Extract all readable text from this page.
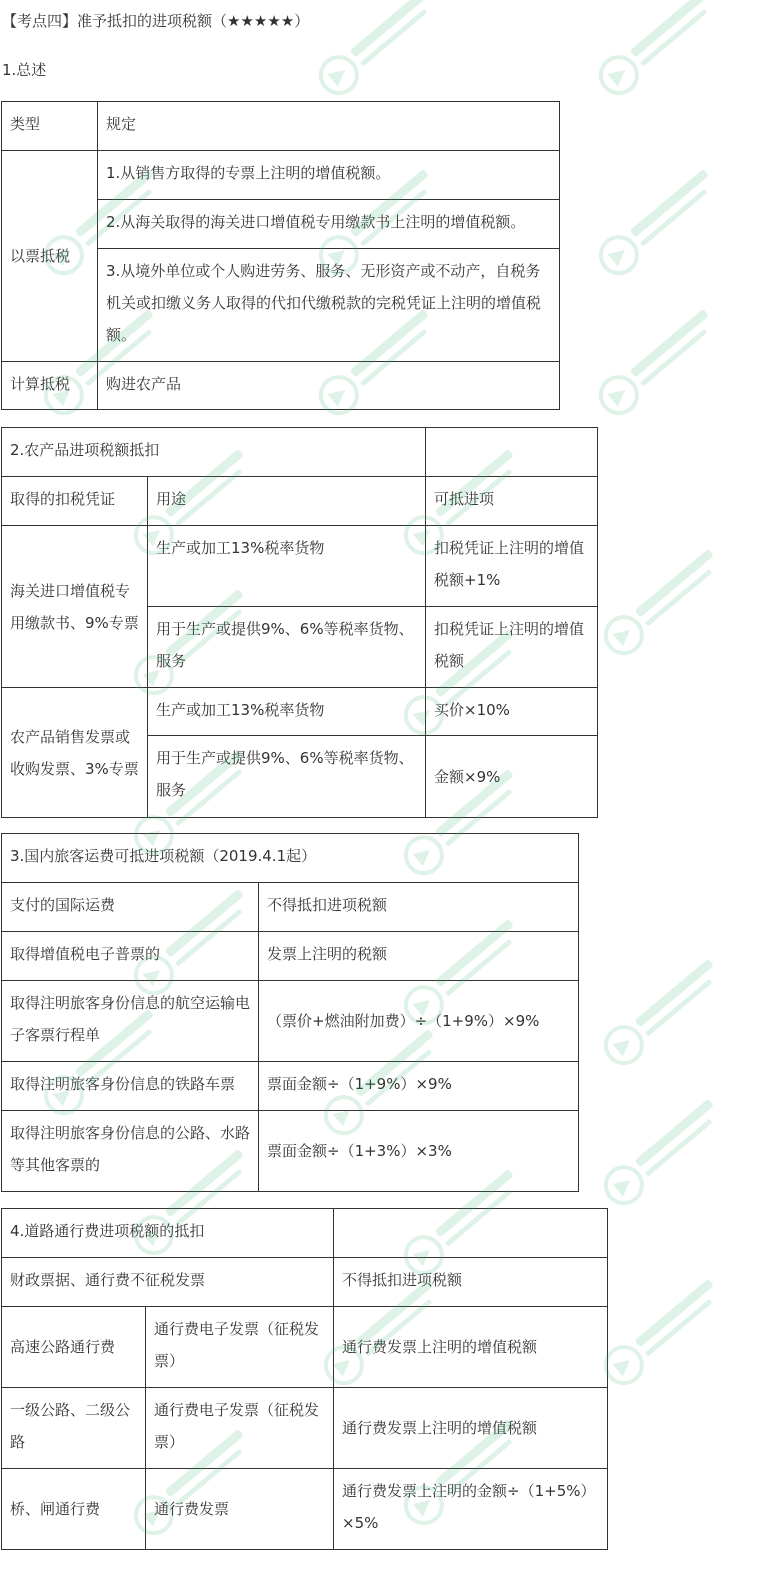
【考点四】准予抵扣的进项税额（★★★★★）
1.总述
类型	规定
以票抵税	1.从销售方取得的专票上注明的增值税额。
	2.从海关取得的海关进口增值税专用缴款书上注明的增值税额。
	3.从境外单位或个人购进劳务、服务、无形资产或不动产，自税务机关或扣缴义务人取得的代扣代缴税款的完税凭证上注明的增值税额。
计算抵税	购进农产品
2.农产品进项税额抵扣		
取得的扣税凭证	用途	可抵进项
海关进口增值税专用缴款书、9%专票	生产或加工13%税率货物	扣税凭证上注明的增值税额+1%
	用于生产或提供9%、6%等税率货物、服务	扣税凭证上注明的增值税额
农产品销售发票或收购发票、3%专票	生产或加工13%税率货物	买价×10%
	用于生产或提供9%、6%等税率货物、服务	金额×9%
3.国内旅客运费可抵进项税额（2019.4.1起）	
支付的国际运费	不得抵扣进项税额
取得增值税电子普票的	发票上注明的税额
取得注明旅客身份信息的航空运输电子客票行程单	（票价+燃油附加费）÷（1+9%）×9%
取得注明旅客身份信息的铁路车票	票面金额÷（1+9%）×9%
取得注明旅客身份信息的公路、水路等其他客票的	票面金额÷（1+3%）×3%
4.道路通行费进项税额的抵扣		
财政票据、通行费不征税发票		不得抵扣进项税额
高速公路通行费	通行费电子发票（征税发票）	通行费发票上注明的增值税额
一级公路、二级公路	通行费电子发票（征税发票）	通行费发票上注明的增值税额
桥、闸通行费	通行费发票	通行费发票上注明的金额÷（1+5%）×5%
